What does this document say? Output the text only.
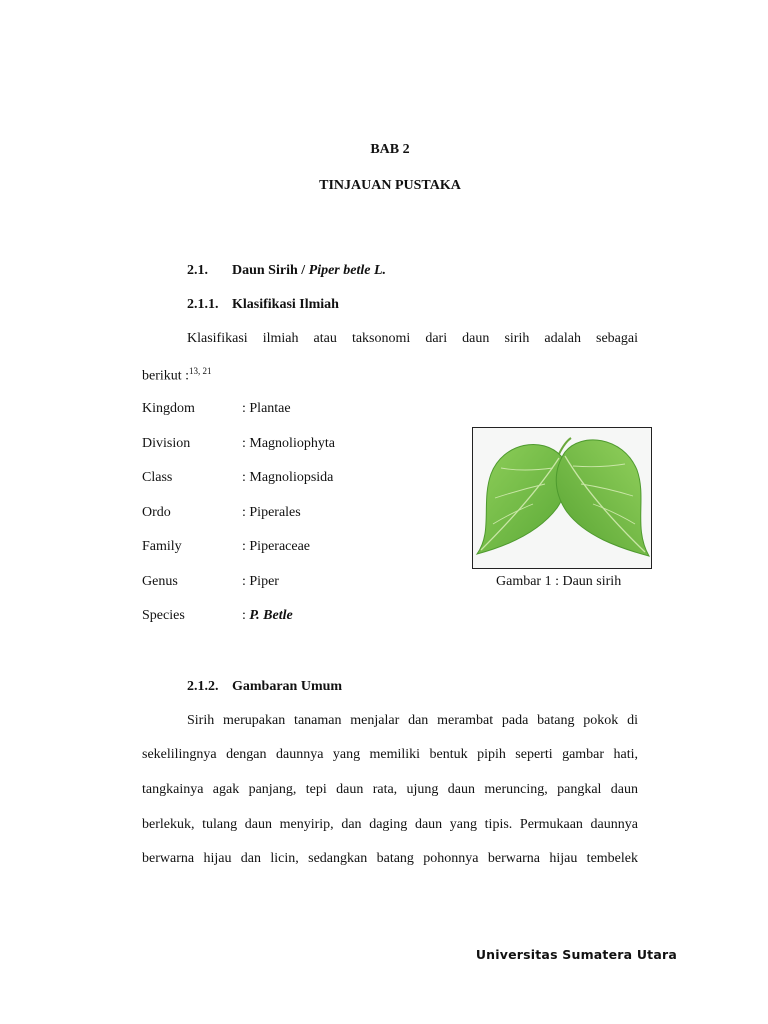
BAB 2
TINJAUAN PUSTAKA
2.1. Daun Sirih / Piper betle L.
2.1.1. Klasifikasi Ilmiah
Klasifikasi ilmiah atau taksonomi dari daun sirih adalah sebagai
berikut :$^{13, 21}$
Kingdom	: Plantae
Division	: Magnoliophyta
Class	: Magnoliopsida
Ordo	: Piperales
Family	: Piperaceae
Genus	: Piper
Species	: P. Betle
Gambar 1 : Daun sirih
2.1.2. Gambaran Umum
Sirih merupakan tanaman menjalar dan merambat pada batang pokok di
sekelilingnya dengan daunnya yang memiliki bentuk pipih seperti gambar hati,
tangkainya agak panjang, tepi daun rata, ujung daun meruncing, pangkal daun
berlekuk, tulang daun menyirip, dan daging daun yang tipis. Permukaan daunnya
berwarna hijau dan licin, sedangkan batang pohonnya berwarna hijau tembelek
Universitas Sumatera Utara
